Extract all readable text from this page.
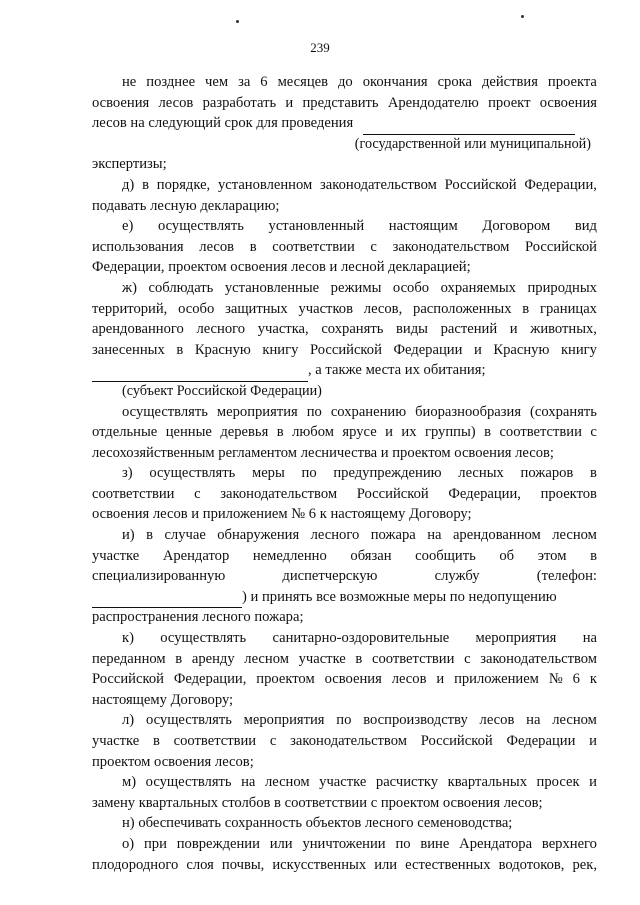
239
не позднее чем за 6 месяцев до окончания срока действия проекта
освоения лесов разработать и представить Арендодателю проект освоения
лесов на следующий срок для проведения
(государственной или муниципальной)
экспертизы;
д) в порядке, установленном законодательством Российской Федерации,
подавать лесную декларацию;
е) осуществлять установленный настоящим Договором вид
использования лесов в соответствии с законодательством Российской
Федерации, проектом освоения лесов и лесной декларацией;
ж) соблюдать установленные режимы особо охраняемых природных
территорий, особо защитных участков лесов, расположенных в границах
арендованного лесного участка, сохранять виды растений и животных,
занесенных в Красную книгу Российской Федерации и Красную книгу
, а также места их обитания;
(субъект Российской Федерации)
осуществлять мероприятия по сохранению биоразнообразия (сохранять
отдельные ценные деревья в любом ярусе и их группы) в соответствии с
лесохозяйственным регламентом лесничества и проектом освоения лесов;
з) осуществлять меры по предупреждению лесных пожаров в
соответствии с законодательством Российской Федерации, проектов
освоения лесов и приложением № 6 к настоящему Договору;
и) в случае обнаружения лесного пожара на арендованном лесном
участке Арендатор немедленно обязан сообщить об этом в
специализированную	диспетчерскую	службу	(телефон:
) и принять все возможные меры по недопущению
распространения лесного пожара;
к) осуществлять санитарно-оздоровительные мероприятия на
переданном в аренду лесном участке в соответствии с законодательством
Российской Федерации, проектом освоения лесов и приложением № 6 к
настоящему Договору;
л) осуществлять мероприятия по воспроизводству лесов на лесном
участке в соответствии с законодательством Российской Федерации и
проектом освоения лесов;
м) осуществлять на лесном участке расчистку квартальных просек и
замену квартальных столбов в соответствии с проектом освоения лесов;
н) обеспечивать сохранность объектов лесного семеноводства;
о) при повреждении или уничтожении по вине Арендатора верхнего
плодородного слоя почвы, искусственных или естественных водотоков, рек,
